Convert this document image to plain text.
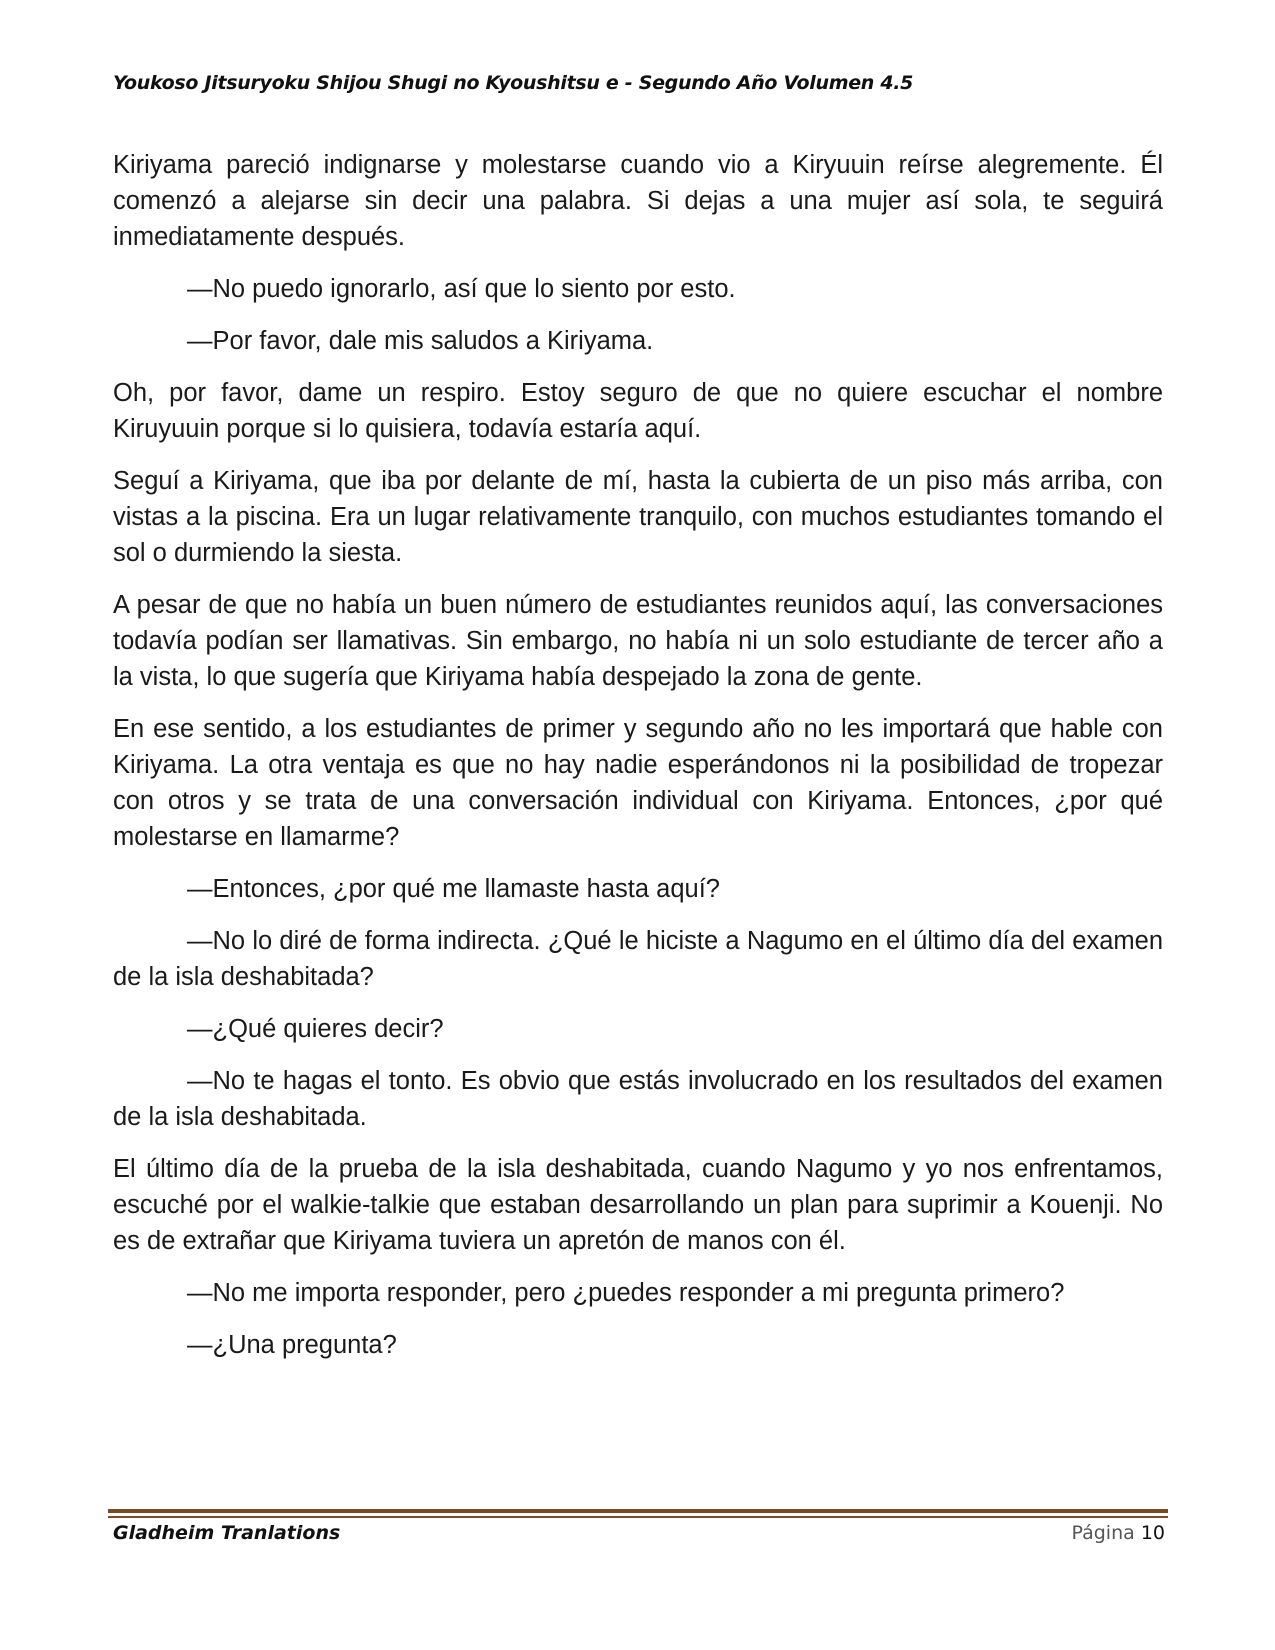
Youkoso Jitsuryoku Shijou Shugi no Kyoushitsu e - Segundo Año Volumen 4.5

Kiriyama pareció indignarse y molestarse cuando vio a Kiryuuin reírse alegremente. Él comenzó a alejarse sin decir una palabra. Si dejas a una mujer así sola, te seguirá inmediatamente después.

—No puedo ignorarlo, así que lo siento por esto.

—Por favor, dale mis saludos a Kiriyama.

Oh, por favor, dame un respiro. Estoy seguro de que no quiere escuchar el nombre Kiruyuuin porque si lo quisiera, todavía estaría aquí.

Seguí a Kiriyama, que iba por delante de mí, hasta la cubierta de un piso más arriba, con vistas a la piscina. Era un lugar relativamente tranquilo, con muchos estudiantes tomando el sol o durmiendo la siesta.

A pesar de que no había un buen número de estudiantes reunidos aquí, las conversaciones todavía podían ser llamativas. Sin embargo, no había ni un solo estudiante de tercer año a la vista, lo que sugería que Kiriyama había despejado la zona de gente.

En ese sentido, a los estudiantes de primer y segundo año no les importará que hable con Kiriyama. La otra ventaja es que no hay nadie esperándonos ni la posibilidad de tropezar con otros y se trata de una conversación individual con Kiriyama. Entonces, ¿por qué molestarse en llamarme?

—Entonces, ¿por qué me llamaste hasta aquí?

—No lo diré de forma indirecta. ¿Qué le hiciste a Nagumo en el último día del examen de la isla deshabitada?

—¿Qué quieres decir?

—No te hagas el tonto. Es obvio que estás involucrado en los resultados del examen de la isla deshabitada.

El último día de la prueba de la isla deshabitada, cuando Nagumo y yo nos enfrentamos, escuché por el walkie-talkie que estaban desarrollando un plan para suprimir a Kouenji. No es de extrañar que Kiriyama tuviera un apretón de manos con él.

—No me importa responder, pero ¿puedes responder a mi pregunta primero?

—¿Una pregunta?

Gladheim Tranlations	Página 10
